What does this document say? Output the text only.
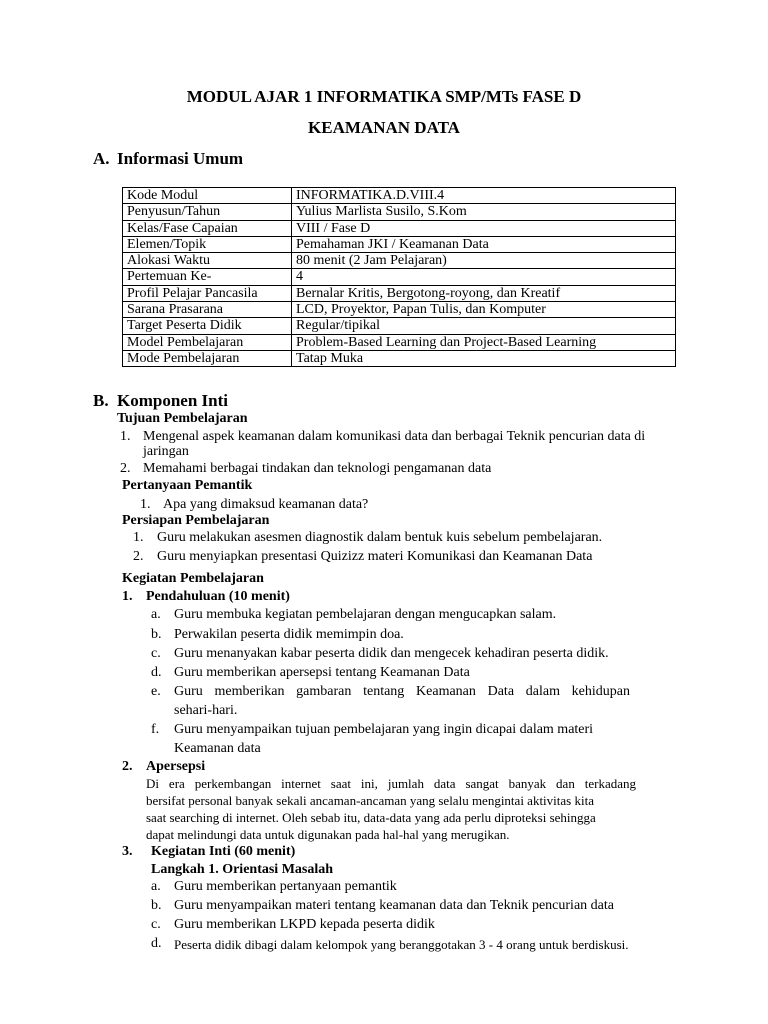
MODUL AJAR 1 INFORMATIKA SMP/MTs FASE D
KEAMANAN DATA
A. Informasi Umum
Kode Modul	INFORMATIKA.D.VIII.4
Penyusun/Tahun	Yulius Marlista Susilo, S.Kom
Kelas/Fase Capaian	VIII / Fase D
Elemen/Topik	Pemahaman JKI / Keamanan Data
Alokasi Waktu	80 menit (2 Jam Pelajaran)
Pertemuan Ke-	4
Profil Pelajar Pancasila	Bernalar Kritis, Bergotong-royong, dan Kreatif
Sarana Prasarana	LCD, Proyektor, Papan Tulis, dan Komputer
Target Peserta Didik	Regular/tipikal
Model Pembelajaran	Problem-Based Learning dan Project-Based Learning
Mode Pembelajaran	Tatap Muka
B. Komponen Inti
Tujuan Pembelajaran
1. Mengenal aspek keamanan dalam komunikasi data dan berbagai Teknik pencurian data di
jaringan
2. Memahami berbagai tindakan dan teknologi pengamanan data
Pertanyaan Pemantik
1. Apa yang dimaksud keamanan data?
Persiapan Pembelajaran
1. Guru melakukan asesmen diagnostik dalam bentuk kuis sebelum pembelajaran.
2. Guru menyiapkan presentasi Quizizz materi Komunikasi dan Keamanan Data
Kegiatan Pembelajaran
1. Pendahuluan (10 menit)
a. Guru membuka kegiatan pembelajaran dengan mengucapkan salam.
b. Perwakilan peserta didik memimpin doa.
c. Guru menanyakan kabar peserta didik dan mengecek kehadiran peserta didik.
d. Guru memberikan apersepsi tentang Keamanan Data
e. Guru memberikan gambaran tentang Keamanan Data dalam kehidupan
sehari-hari.
f. Guru menyampaikan tujuan pembelajaran yang ingin dicapai dalam materi
Keamanan data
2. Apersepsi
Di era perkembangan internet saat ini, jumlah data sangat banyak dan terkadang
bersifat personal banyak sekali ancaman-ancaman yang selalu mengintai aktivitas kita
saat searching di internet. Oleh sebab itu, data-data yang ada perlu diproteksi sehingga
dapat melindungi data untuk digunakan pada hal-hal yang merugikan.
3. Kegiatan Inti (60 menit)
Langkah 1. Orientasi Masalah
a. Guru memberikan pertanyaan pemantik
b. Guru menyampaikan materi tentang keamanan data dan Teknik pencurian data
c. Guru memberikan LKPD kepada peserta didik
d. Peserta didik dibagi dalam kelompok yang beranggotakan 3 - 4 orang untuk berdiskusi.
